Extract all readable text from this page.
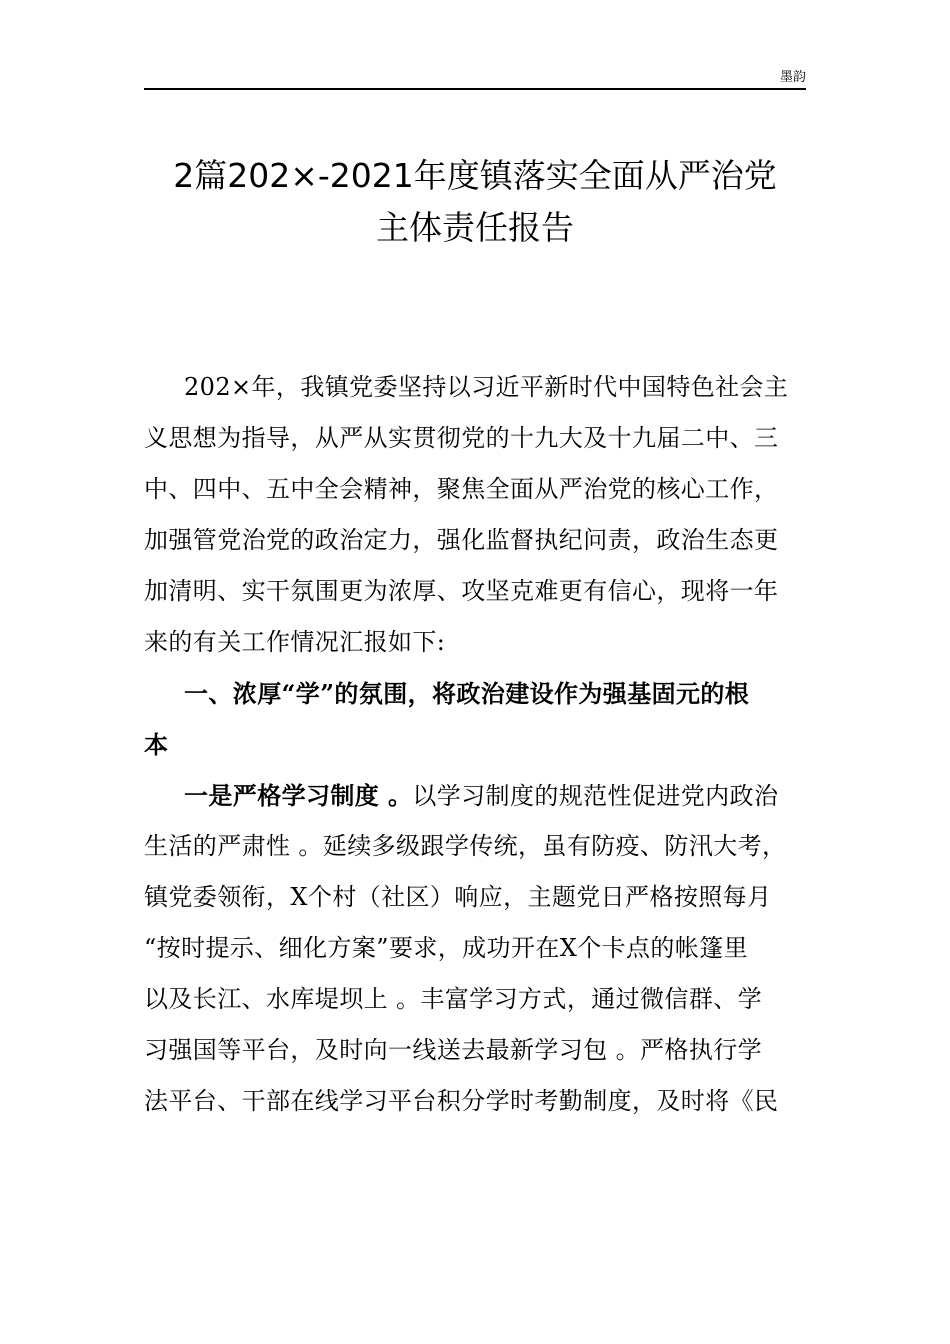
墨韵
2篇202×-2021年度镇落实全面从严治党
主体责任报告
202×年，我镇党委坚持以习近平新时代中国特色社会主
义思想为指导，从严从实贯彻党的十九大及十九届二中、三
中、四中、五中全会精神，聚焦全面从严治党的核心工作，
加强管党治党的政治定力，强化监督执纪问责，政治生态更
加清明、实干氛围更为浓厚、攻坚克难更有信心，现将一年
来的有关工作情况汇报如下:
一、浓厚“学”的氛围，将政治建设作为强基固元的根
本
一是严格学习制度 。以学习制度的规范性促进党内政治
生活的严肃性 。延续多级跟学传统，虽有防疫、防汛大考，
镇党委领衔，X个村（社区）响应，主题党日严格按照每月
“按时提示、细化方案”要求，成功开在X个卡点的帐篷里
以及长江、水库堤坝上 。丰富学习方式，通过微信群、学
习强国等平台，及时向一线送去最新学习包 。严格执行学
法平台、干部在线学习平台积分学时考勤制度，及时将《民
